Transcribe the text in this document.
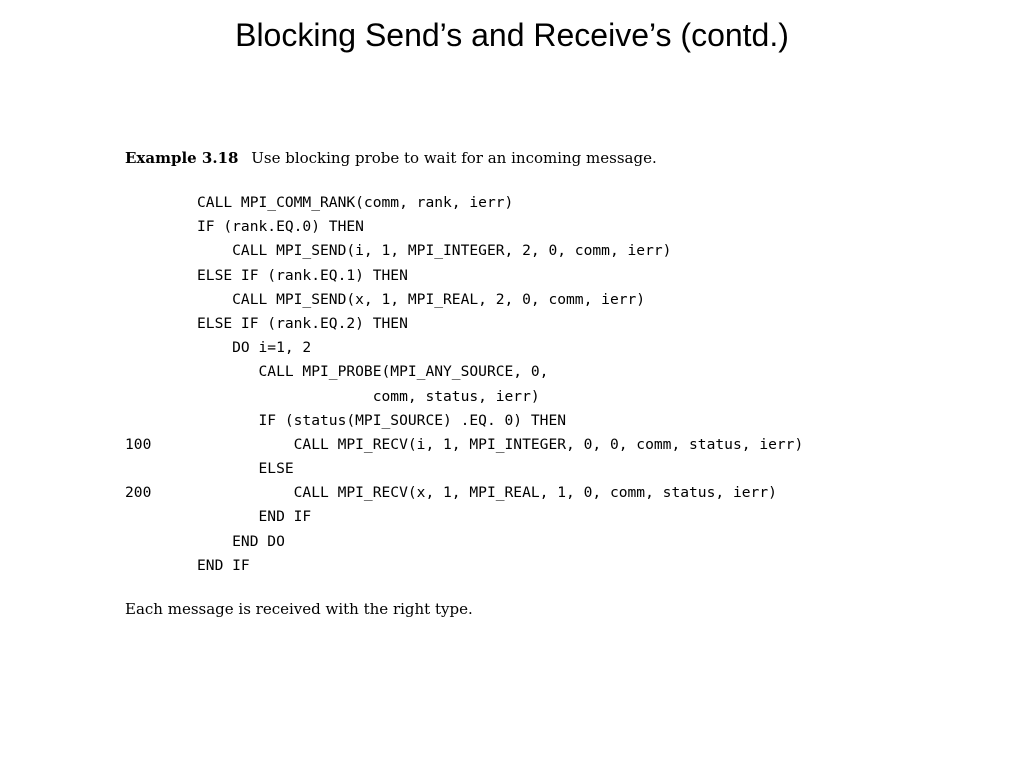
Blocking Send’s and Receive’s (contd.)
Example 3.18 Use blocking probe to wait for an incoming message.

CALL MPI_COMM_RANK(comm, rank, ierr)

IF (rank.EQ.0) THEN

CALL MPI_SEND(i, 1, MPI_INTEGER, 2, 0, comm, ierr)

ELSE IF (rank.EQ.1) THEN

CALL MPI_SEND(x, 1, MPI_REAL, 2, 0, comm, ierr)

ELSE IF (rank.EQ.2) THEN

DO i=1, 2

CALL MPI_PROBE(MPI_ANY_SOURCE, 0,

comm, status, ierr)

IF (status(MPI_SOURCE) .EQ. 0) THEN

100

	CALL MPI_RECV(i, 1, MPI_INTEGER, 0, 0, comm, status, ierr)

ELSE

200

	CALL MPI_RECV(x, 1, MPI_REAL, 1, 0, comm, status, ierr)

END IF

END DO

END IF

Each message is received with the right type.
